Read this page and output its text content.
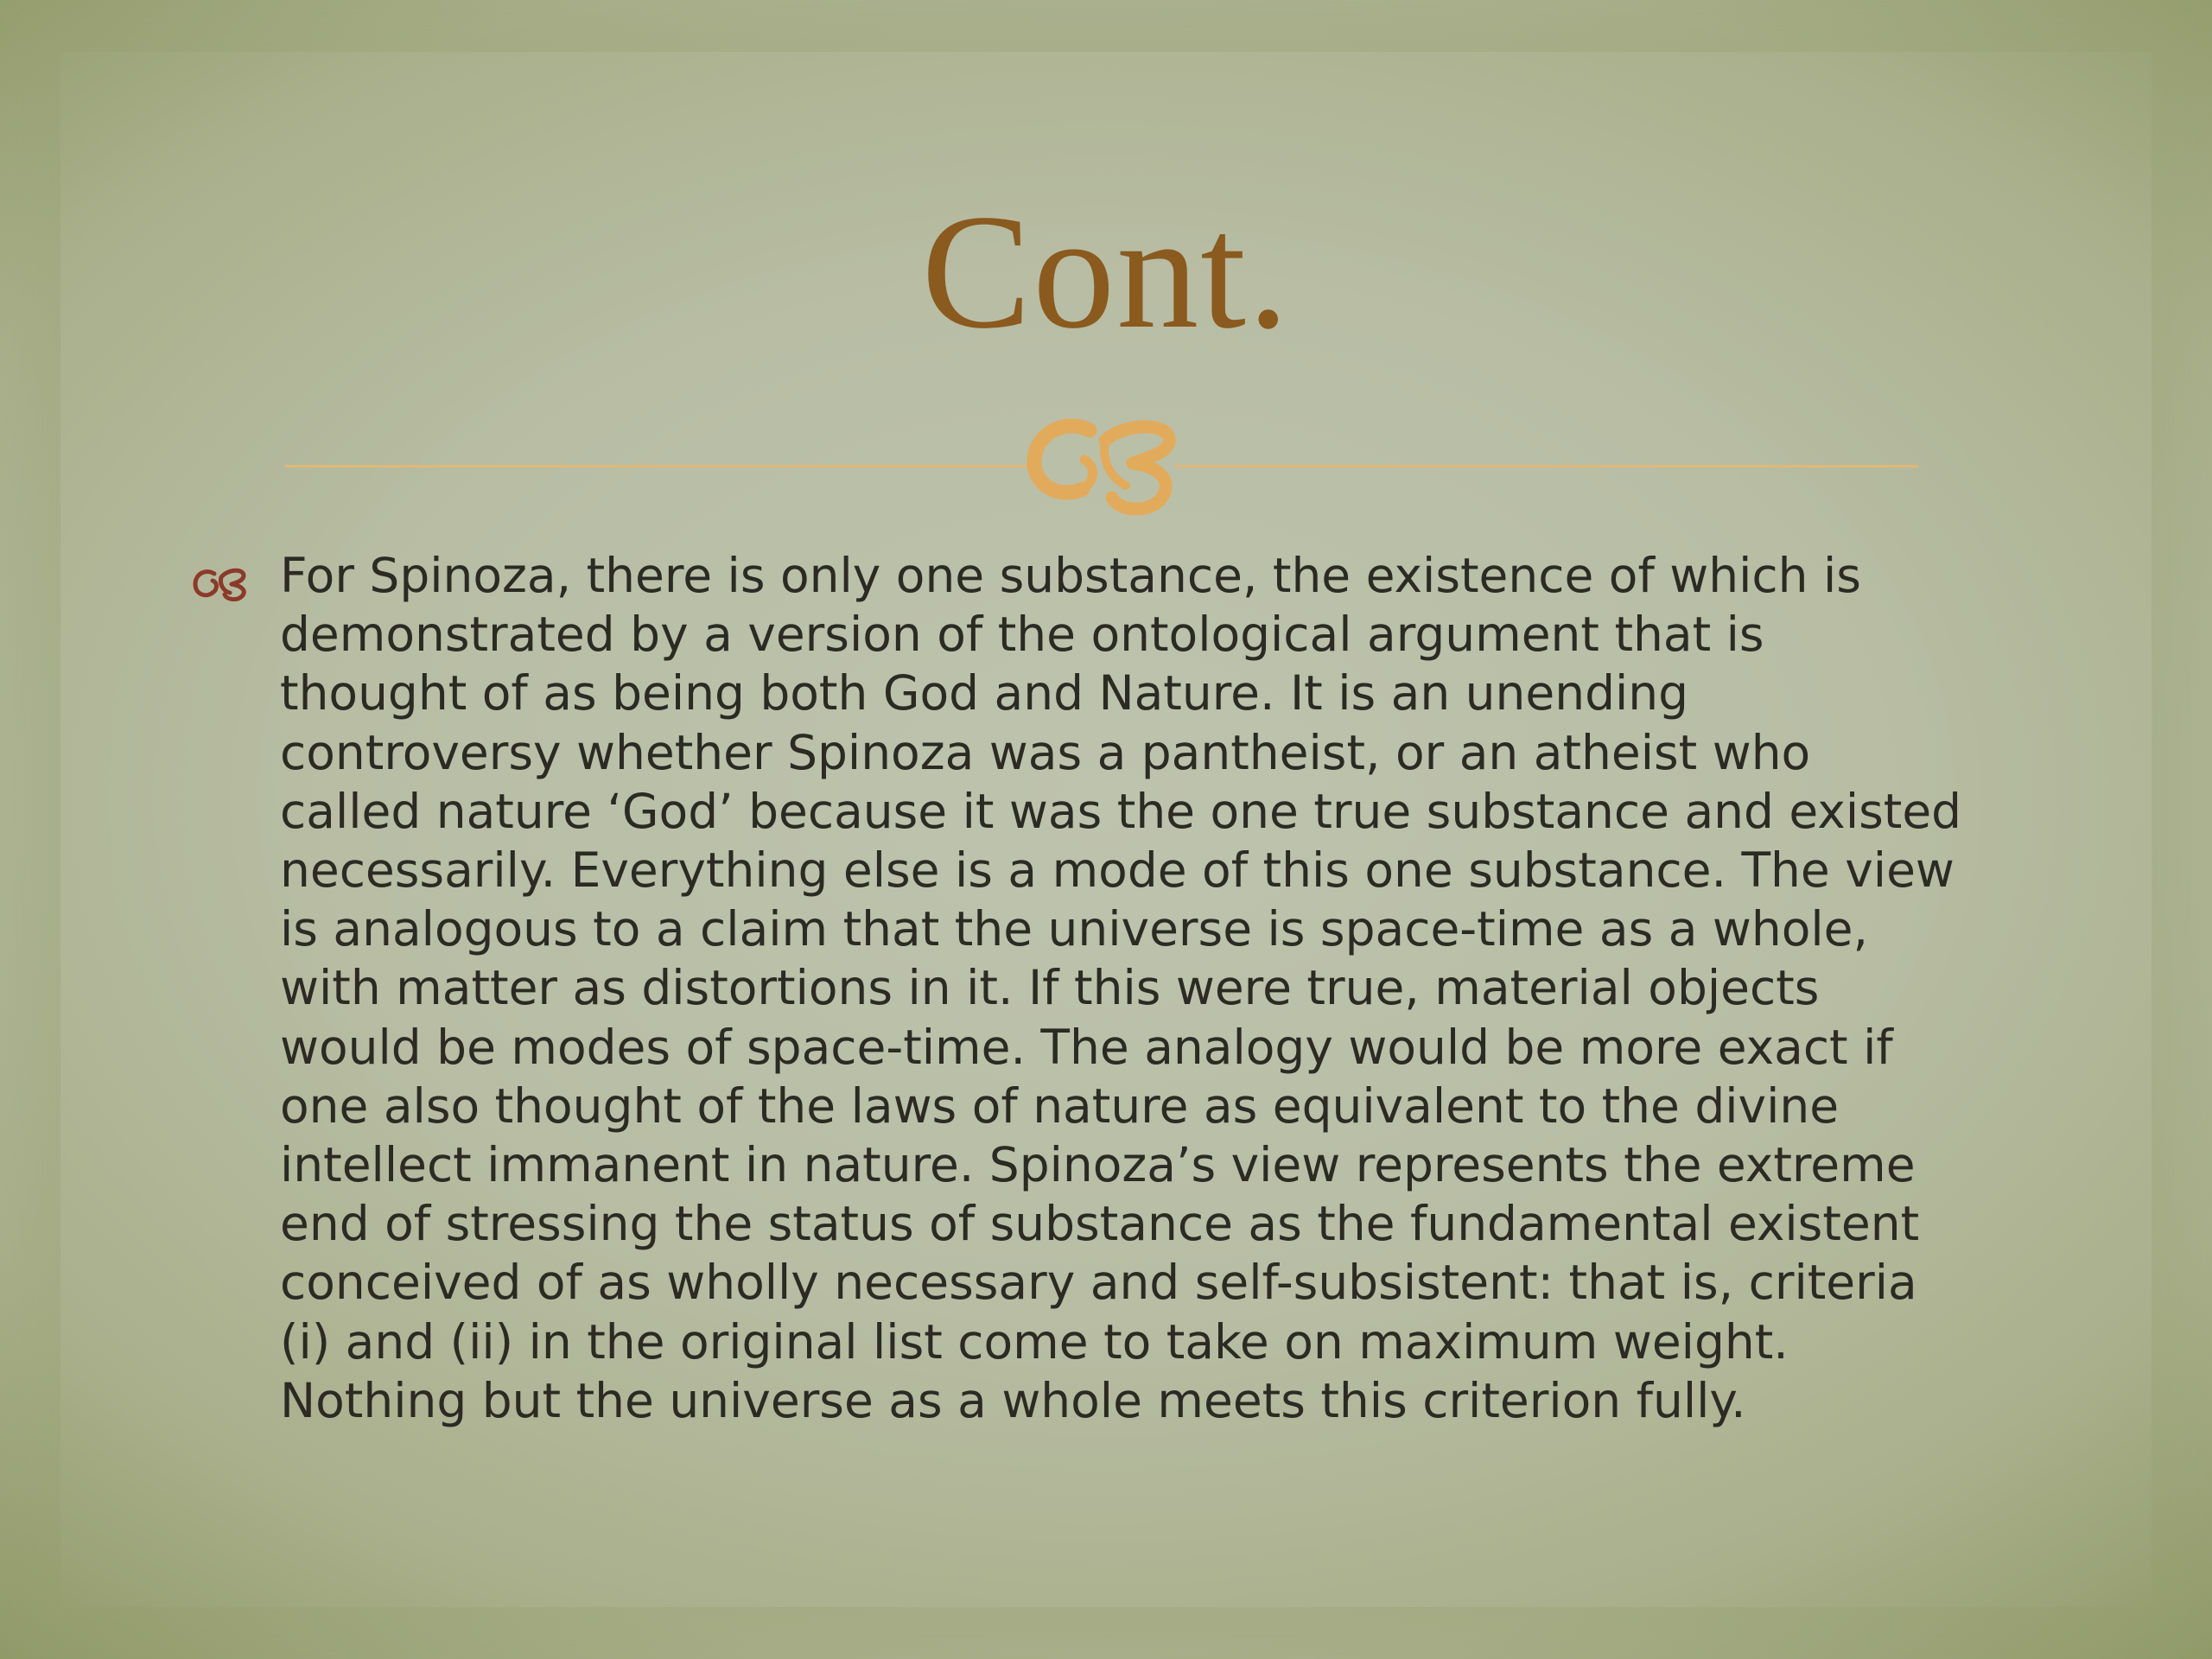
Cont.
For Spinoza, there is only one substance, the existence of which is
demonstrated by a version of the ontological argument that is
thought of as being both God and Nature. It is an unending
controversy whether Spinoza was a pantheist, or an atheist who
called nature ‘God’ because it was the one true substance and existed
necessarily. Everything else is a mode of this one substance. The view
is analogous to a claim that the universe is space-time as a whole,
with matter as distortions in it. If this were true, material objects
would be modes of space-time. The analogy would be more exact if
one also thought of the laws of nature as equivalent to the divine
intellect immanent in nature. Spinoza’s view represents the extreme
end of stressing the status of substance as the fundamental existent
conceived of as wholly necessary and self-subsistent: that is, criteria
(i) and (ii) in the original list come to take on maximum weight.
Nothing but the universe as a whole meets this criterion fully.
